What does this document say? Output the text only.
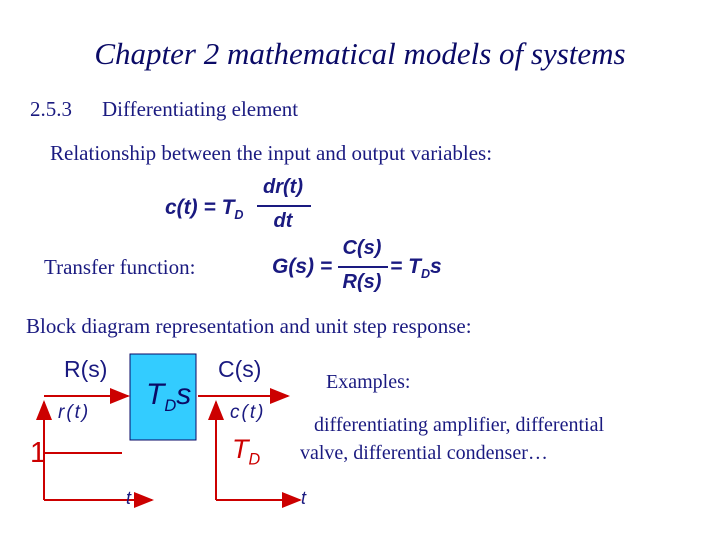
Chapter 2 mathematical models of systems
2.5.3 Differentiating element
Relationship between the input and output variables:
$c(t) = T_D$
dr(t)
dt
Transfer function:	G(s) =
C(s)
R(s)
= $T_Ds$
Block diagram representation and unit step response:
R(s)	C(s)
$T_Ds$
r(t)	c(t)
1	$T_D$
t	t
Examples:
differentiating amplifier, differential
valve, differential condenser…
